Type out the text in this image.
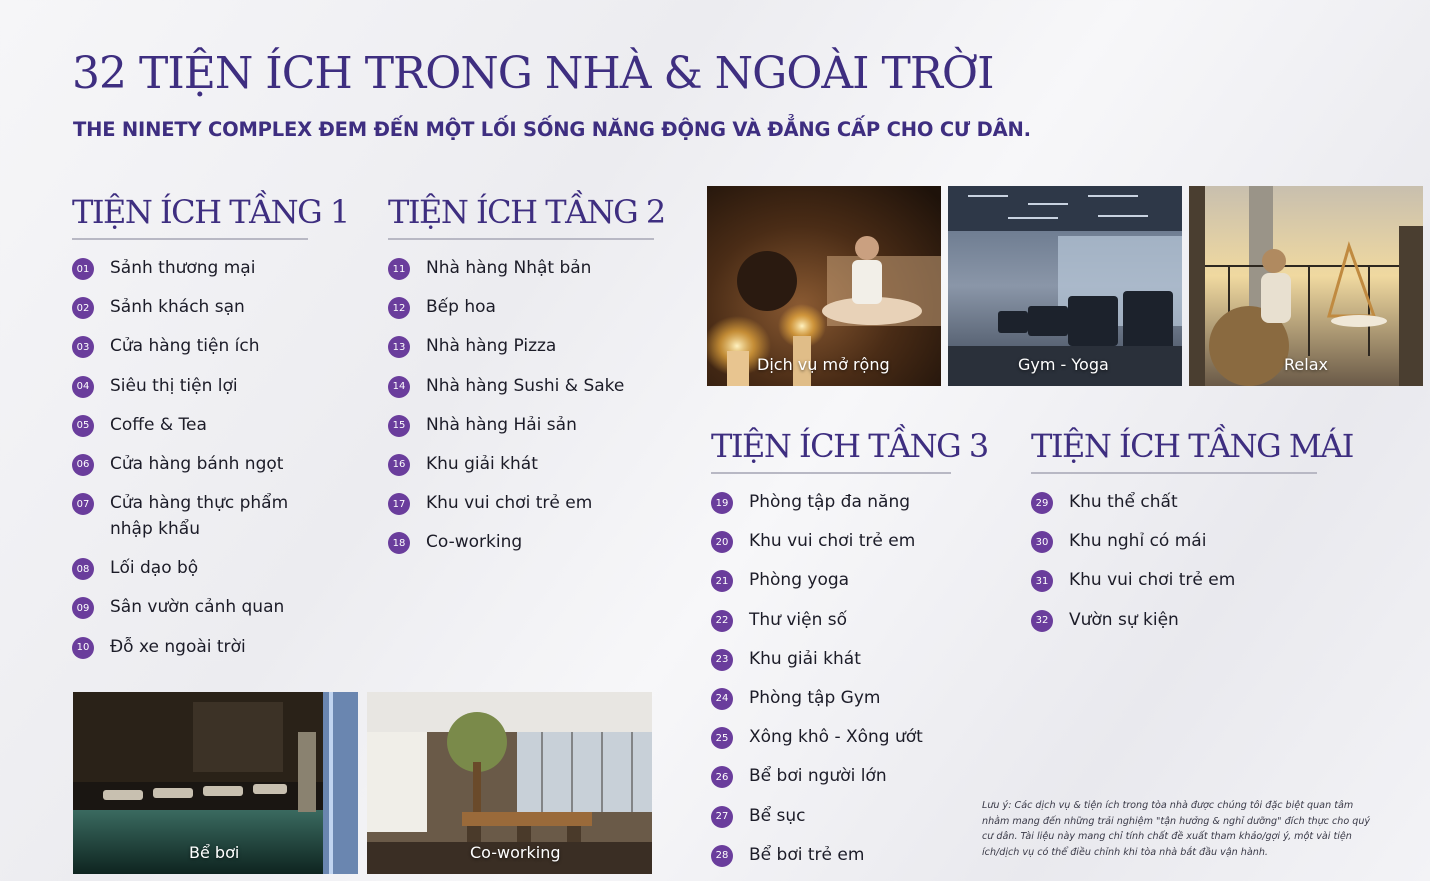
32 TIỆN ÍCH TRONG NHÀ & NGOÀI TRỜI
THE NINETY COMPLEX ĐEM ĐẾN MỘT LỐI SỐNG NĂNG ĐỘNG VÀ ĐẲNG CẤP CHO CƯ DÂN.
TIỆN ÍCH TẦNG 1
01 Sảnh thương mại
02 Sảnh khách sạn
03 Cửa hàng tiện ích
04 Siêu thị tiện lợi
05 Coffe & Tea
06 Cửa hàng bánh ngọt
07 Cửa hàng thực phẩm nhập khẩu
08 Lối dạo bộ
09 Sân vườn cảnh quan
10 Đỗ xe ngoài trời
TIỆN ÍCH TẦNG 2
11 Nhà hàng Nhật bản
12 Bếp hoa
13 Nhà hàng Pizza
14 Nhà hàng Sushi & Sake
15 Nhà hàng Hải sản
16 Khu giải khát
17 Khu vui chơi trẻ em
18 Co-working
TIỆN ÍCH TẦNG 3
19 Phòng tập đa năng
20 Khu vui chơi trẻ em
21 Phòng yoga
22 Thư viện số
23 Khu giải khát
24 Phòng tập Gym
25 Xông khô - Xông ướt
26 Bể bơi người lớn
27 Bể sục
28 Bể bơi trẻ em
TIỆN ÍCH TẦNG MÁI
29 Khu thể chất
30 Khu nghỉ có mái
31 Khu vui chơi trẻ em
32 Vườn sự kiện
Dịch vụ mở rộng	Gym - Yoga	Relax
Bể bơi	Co-working
Lưu ý: Các dịch vụ & tiện ích trong tòa nhà được chúng tôi đặc biệt quan tâm nhằm mang đến những trải nghiệm "tận hưởng & nghỉ dưỡng" đích thực cho quý cư dân. Tài liệu này mang chỉ tính chất đề xuất tham khảo/gợi ý, một vài tiện ích/dịch vụ có thể điều chỉnh khi tòa nhà bắt đầu vận hành.
